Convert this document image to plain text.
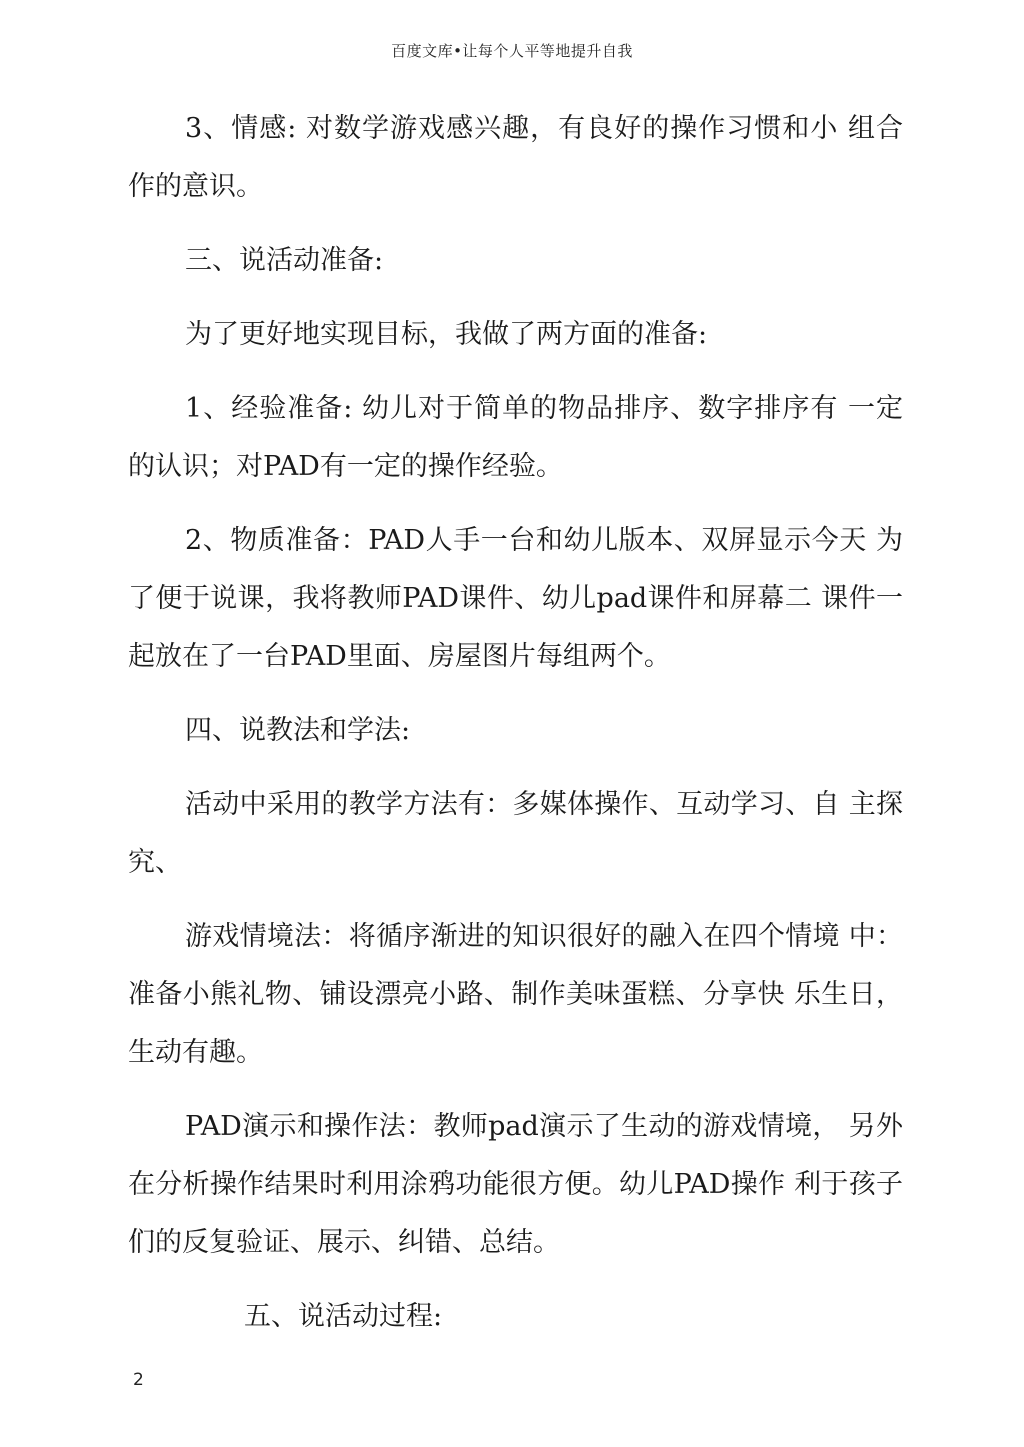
百度文库•让每个人平等地提升自我

3、情感: 对数学游戏感兴趣，有良好的操作习惯和小 组合作的意识。

三、说活动准备:

为了更好地实现目标，我做了两方面的准备:

1、经验准备: 幼儿对于简单的物品排序、数字排序有 一定的认识；对PAD有一定的操作经验。

2、物质准备：PAD人手一台和幼儿版本、双屏显示今天 为了便于说课，我将教师PAD课件、幼儿pad课件和屏幕二 课件一起放在了一台PAD里面、房屋图片每组两个。

四、说教法和学法:

活动中采用的教学方法有：多媒体操作、互动学习、自 主探究、

游戏情境法：将循序渐进的知识很好的融入在四个情境 中：准备小熊礼物、铺设漂亮小路、制作美味蛋糕、分享快 乐生日，生动有趣。

PAD演示和操作法：教师pad演示了生动的游戏情境， 另外在分析操作结果时利用涂鸦功能很方便。幼儿PAD操作 利于孩子们的反复验证、展示、纠错、总结。

五、说活动过程:

2
